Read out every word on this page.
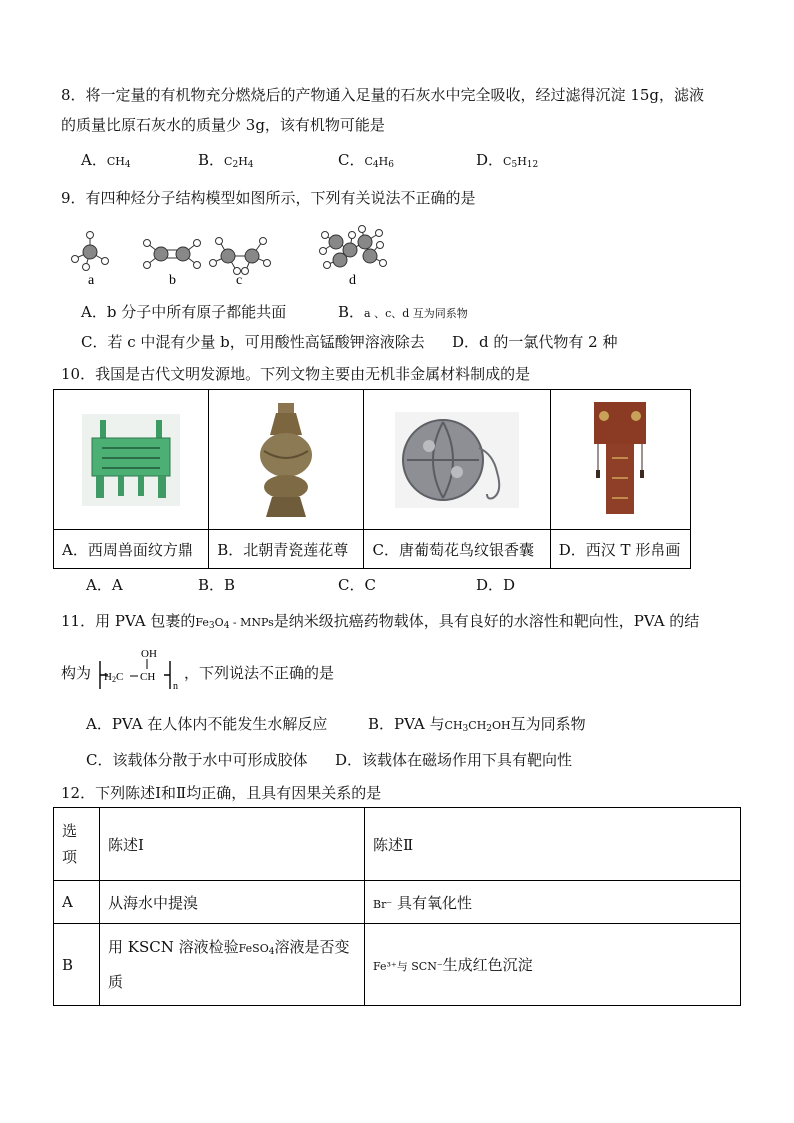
8．将一定量的有机物充分燃烧后的产物通入足量的石灰水中完全吸收，经过滤得沉淀 15g，滤液
的质量比原石灰水的质量少 3g，该有机物可能是
A．$CH_4$	B．$C_2H_4$	C．$C_4H_6$	D．$C_5H_{12}$
9．有四种烃分子结构模型如图所示，下列有关说法不正确的是
a	b	c	d
A．b 分子中所有原子都能共面	B．a 、c、d 互为同系物
C．若 c 中混有少量 b，可用酸性高锰酸钾溶液除去 D．d 的一氯代物有 2 种
10．我国是古代文明发源地。下列文物主要由无机非金属材料制成的是

A．西周兽面纹方鼎	B．北朝青瓷莲花尊	C．唐葡萄花鸟纹银香囊	D．西汉 T 形帛画
A．A	B．B	C．C	D．D
11．用 PVA 包裹的$Fe_3O_4$ - MNPs是纳米级抗癌药物载体，具有良好的水溶性和靶向性，PVA 的结
构为 H2C CH
OH
n
，下列说法不正确的是
A．PVA 在人体内不能发生水解反应	B．PVA 与$CH_3CH_2OH$互为同系物
C．该载体分散于水中可形成胶体 D．该载体在磁场作用下具有靶向性
12．下列陈述Ⅰ和Ⅱ均正确，且具有因果关系的是
选
项	陈述Ⅰ	陈述Ⅱ
A	从海水中提溴	Br⁻ 具有氧化性
B	用 KSCN 溶液检验FeSO$_4$溶液是否变
质	Fe³⁺与 SCN⁻生成红色沉淀
